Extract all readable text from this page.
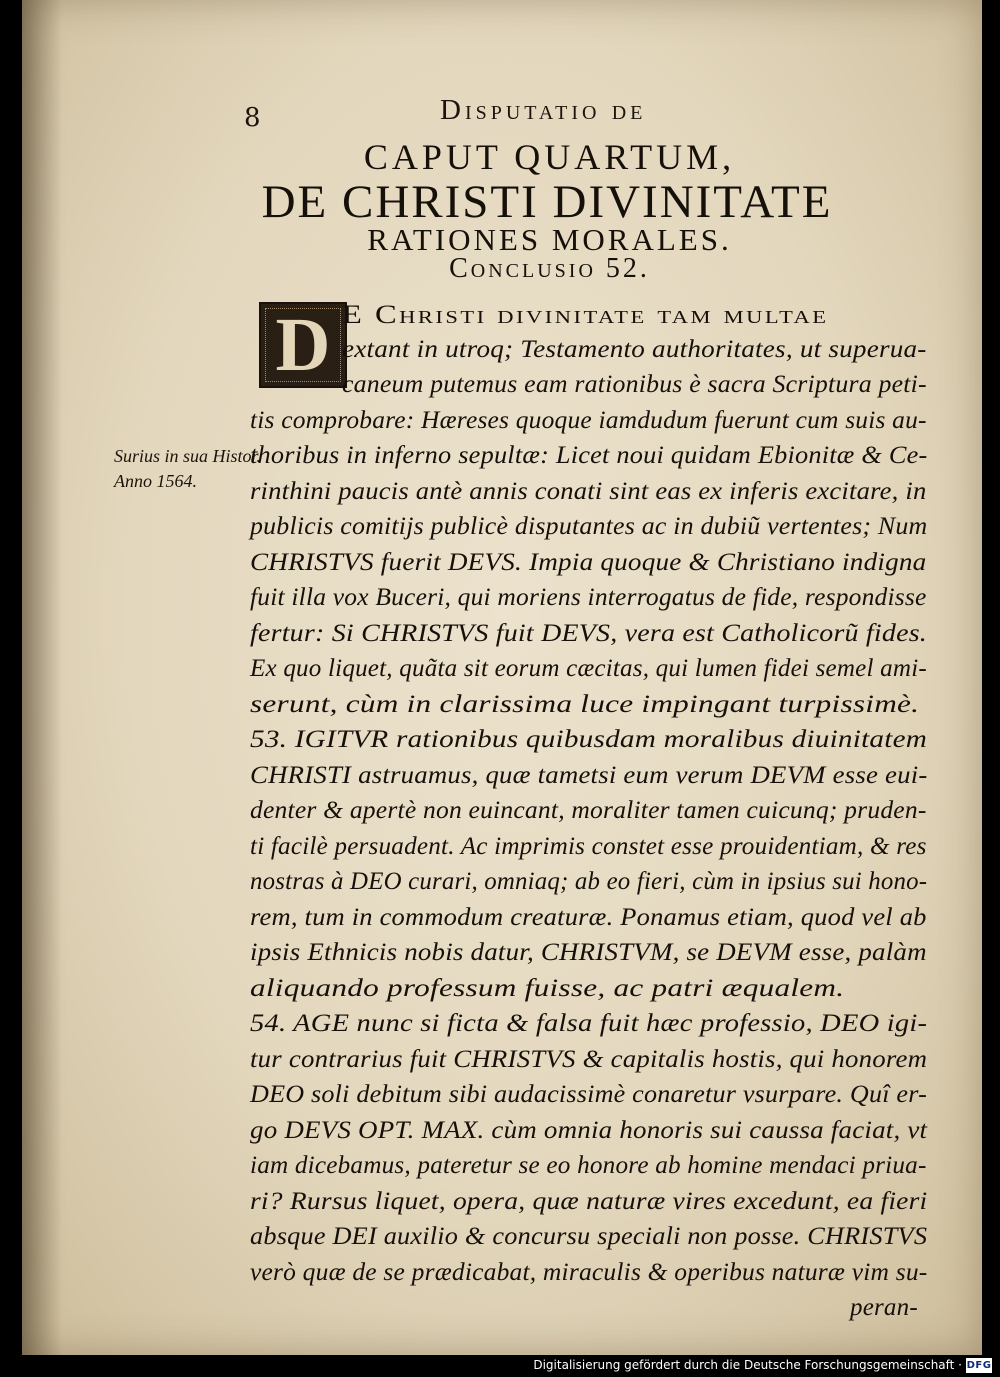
8	Disputatio de
CAPUT QUARTUM,
DE CHRISTI DIVINITATE
RATIONES MORALES.
Conclusio 52.
D
Surius in sua Histor. Anno 1564.
E Christi divinitate tam multae
extant in utroq; Testamento authoritates, ut superua-
caneum putemus eam rationibus è sacra Scriptura peti-
tis comprobare: Hæreses quoque iamdudum fuerunt cum suis au-
thoribus in inferno sepultæ: Licet noui quidam Ebionitæ & Ce-
rinthini paucis antè annis conati sint eas ex inferis excitare, in
publicis comitijs publicè disputantes ac in dubiũ vertentes; Num
CHRISTVS fuerit DEVS. Impia quoque & Christiano indigna
fuit illa vox Buceri, qui moriens interrogatus de fide, respondisse
fertur: Si CHRISTVS fuit DEVS, vera est Catholicorũ fides.
Ex quo liquet, quãta sit eorum cæcitas, qui lumen fidei semel ami-
serunt, cùm in clarissima luce impingant turpissimè.
53. IGITVR rationibus quibusdam moralibus diuinitatem
CHRISTI astruamus, quæ tametsi eum verum DEVM esse eui-
denter & apertè non euincant, moraliter tamen cuicunq; pruden-
ti facilè persuadent. Ac imprimis constet esse prouidentiam, & res
nostras à DEO curari, omniaq; ab eo fieri, cùm in ipsius sui hono-
rem, tum in commodum creaturæ. Ponamus etiam, quod vel ab
ipsis Ethnicis nobis datur, CHRISTVM, se DEVM esse, palàm
aliquando professum fuisse, ac patri æqualem.
54. AGE nunc si ficta & falsa fuit hæc professio, DEO igi-
tur contrarius fuit CHRISTVS & capitalis hostis, qui honorem
DEO soli debitum sibi audacissimè conaretur vsurpare. Quî er-
go DEVS OPT. MAX. cùm omnia honoris sui caussa faciat, vt
iam dicebamus, pateretur se eo honore ab homine mendaci priua-
ri? Rursus liquet, opera, quæ naturæ vires excedunt, ea fieri
absque DEI auxilio & concursu speciali non posse. CHRISTVS
verò quæ de se prædicabat, miraculis & operibus naturæ vim su-
peran-
Digitalisierung gefördert durch die Deutsche Forschungsgemeinschaft · DFG
